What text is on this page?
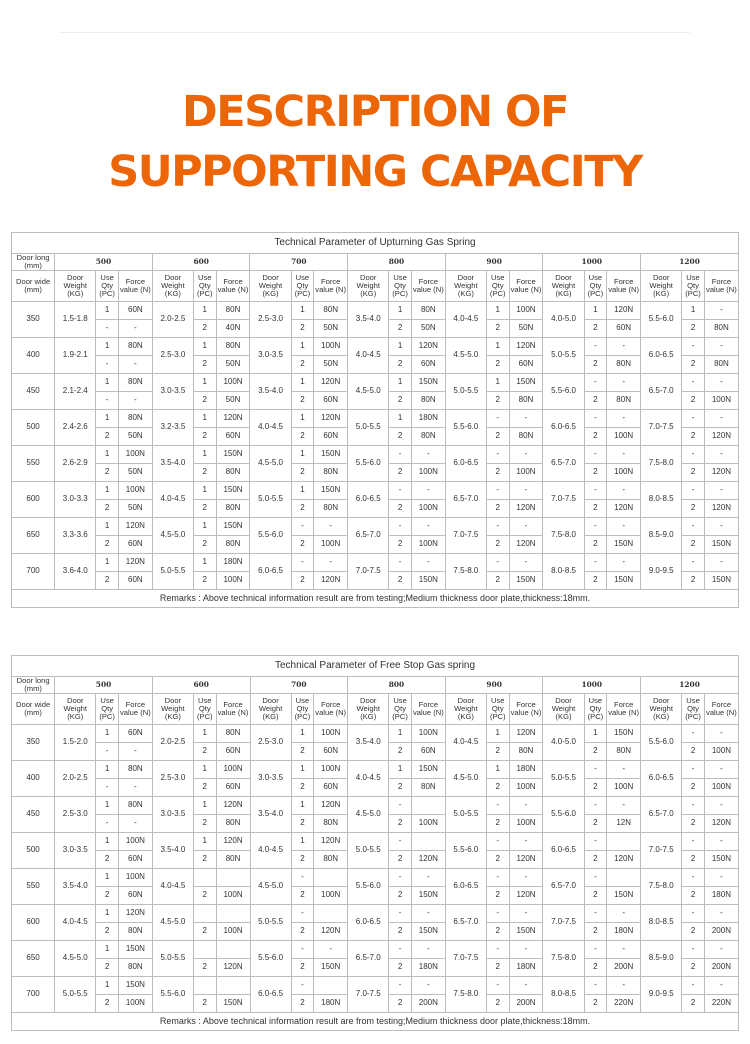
DESCRIPTION OF
SUPPORTING CAPACITY
Technical Parameter of Upturning Gas Spring
Door long (mm)	500	600	700	800	900	1000	1200
Door wide (mm)	Door Weight (KG)	Use Qty (PC)	Force value (N)	Door Weight (KG)	Use Qty (PC)	Force value (N)	Door Weight (KG)	Use Qty (PC)	Force value (N)	Door Weight (KG)	Use Qty (PC)	Force value (N)	Door Weight (KG)	Use Qty (PC)	Force value (N)	Door Weight (KG)	Use Qty (PC)	Force value (N)	Door Weight (KG)	Use Qty (PC)	Force value (N)
350	1.5-1.8	1	60N	2.0-2.5	1	80N	2.5-3.0	1	80N	3.5-4.0	1	80N	4.0-4.5	1	100N	4.0-5.0	1	120N	5.5-6.0	1	-
-	-	2	40N	2	50N	2	50N	2	50N	2	60N	2	80N
400	1.9-2.1	1	80N	2.5-3.0	1	80N	3.0-3.5	1	100N	4.0-4.5	1	120N	4.5-5.0	1	120N	5.0-5.5	-	-	6.0-6.5	-	-
-	-	2	50N	2	50N	2	60N	2	60N	2	80N	2	80N
450	2.1-2.4	1	80N	3.0-3.5	1	100N	3.5-4.0	1	120N	4.5-5.0	1	150N	5.0-5.5	1	150N	5.5-6.0	-	-	6.5-7.0	-	-
-	-	2	50N	2	60N	2	80N	2	80N	2	80N	2	100N
500	2.4-2.6	1	80N	3.2-3.5	1	120N	4.0-4.5	1	120N	5.0-5.5	1	180N	5.5-6.0	-	-	6.0-6.5	-	-	7.0-7.5	-	-
2	50N	2	60N	2	60N	2	80N	2	80N	2	100N	2	120N
550	2.6-2.9	1	100N	3.5-4.0	1	150N	4.5-5.0	1	150N	5.5-6.0	-	-	6.0-6.5	-	-	6.5-7.0	-	-	7.5-8.0	-	-
2	50N	2	80N	2	80N	2	100N	2	100N	2	100N	2	120N
600	3.0-3.3	1	100N	4.0-4.5	1	150N	5.0-5.5	1	150N	6.0-6.5	-	-	6.5-7.0	-	-	7.0-7.5	-	-	8.0-8.5	-	-
2	50N	2	80N	2	80N	2	100N	2	120N	2	120N	2	120N
650	3.3-3.6	1	120N	4.5-5.0	1	150N	5.5-6.0	-	-	6.5-7.0	-	-	7.0-7.5	-	-	7.5-8.0	-	-	8.5-9.0	-	-
2	60N	2	80N	2	100N	2	100N	2	120N	2	150N	2	150N
700	3.6-4.0	1	120N	5.0-5.5	1	180N	6.0-6.5	-	-	7.0-7.5	-	-	7.5-8.0	-	-	8.0-8.5	-	-	9.0-9.5	-	-
2	60N	2	100N	2	120N	2	150N	2	150N	2	150N	2	150N
Remarks : Above technical information result are from testing;Medium thickness door plate,thickness:18mm.
Technical Parameter of Free Stop Gas spring
Door long (mm)	500	600	700	800	900	1000	1200
Door wide (mm)	Door Weight (KG)	Use Qty (PC)	Force value (N)	Door Weight (KG)	Use Qty (PC)	Force value (N)	Door Weight (KG)	Use Qty (PC)	Force value (N)	Door Weight (KG)	Use Qty (PC)	Force value (N)	Door Weight (KG)	Use Qty (PC)	Force value (N)	Door Weight (KG)	Use Qty (PC)	Force value (N)	Door Weight (KG)	Use Qty (PC)	Force value (N)
350	1.5-2.0	1	60N	2.0-2.5	1	80N	2.5-3.0	1	100N	3.5-4.0	1	100N	4.0-4.5	1	120N	4.0-5.0	1	150N	5.5-6.0	-	-
-	-	2	60N	2	60N	2	60N	2	80N	2	80N	2	100N
400	2.0-2.5	1	80N	2.5-3.0	1	100N	3.0-3.5	1	100N	4.0-4.5	1	150N	4.5-5.0	1	180N	5.0-5.5	-	-	6.0-6.5	-	-
-	-	2	60N	2	60N	2	80N	2	100N	2	100N	2	100N
450	2.5-3.0	1	80N	3.0-3.5	1	120N	3.5-4.0	1	120N	4.5-5.0	-		5.0-5.5	-	-	5.5-6.0	-	-	6.5-7.0	-	-
-	-	2	80N	2	80N	2	100N	2	100N	2	12N	2	120N
500	3.0-3.5	1	100N	3.5-4.0	1	120N	4.0-4.5	1	120N	5.0-5.5	-		5.5-6.0	-	-	6.0-6.5	-		7.0-7.5	-	-
2	60N	2	80N	2	80N	2	120N	2	120N	2	120N	2	150N
550	3.5-4.0	1	100N	4.0-4.5			4.5-5.0	-		5.5-6.0	-	-	6.0-6.5	-	-	6.5-7.0	-		7.5-8.0	-	-
2	60N	2	100N	2	100N	2	150N	2	120N	2	150N	2	180N
600	4.0-4.5	1	120N	4.5-5.0			5.0-5.5	-		6.0-6.5	-	-	6.5-7.0	-	-	7.0-7.5	-	-	8.0-8.5	-	-
2	80N	2	100N	2	120N	2	150N	2	150N	2	180N	2	200N
650	4.5-5.0	1	150N	5.0-5.5			5.5-6.0	-	-	6.5-7.0	-	-	7.0-7.5	-	-	7.5-8.0	-	-	8.5-9.0	-	-
2	80N	2	120N	2	150N	2	180N	2	180N	2	200N	2	200N
700	5.0-5.5	1	150N	5.5-6.0			6.0-6.5	-		7.0-7.5	-	-	7.5-8.0	-	-	8.0-8.5	-	-	9.0-9.5	-	-
2	100N	2	150N	2	180N	2	200N	2	200N	2	220N	2	220N
Remarks : Above technical information result are from testing;Medium thickness door plate,thickness:18mm.
